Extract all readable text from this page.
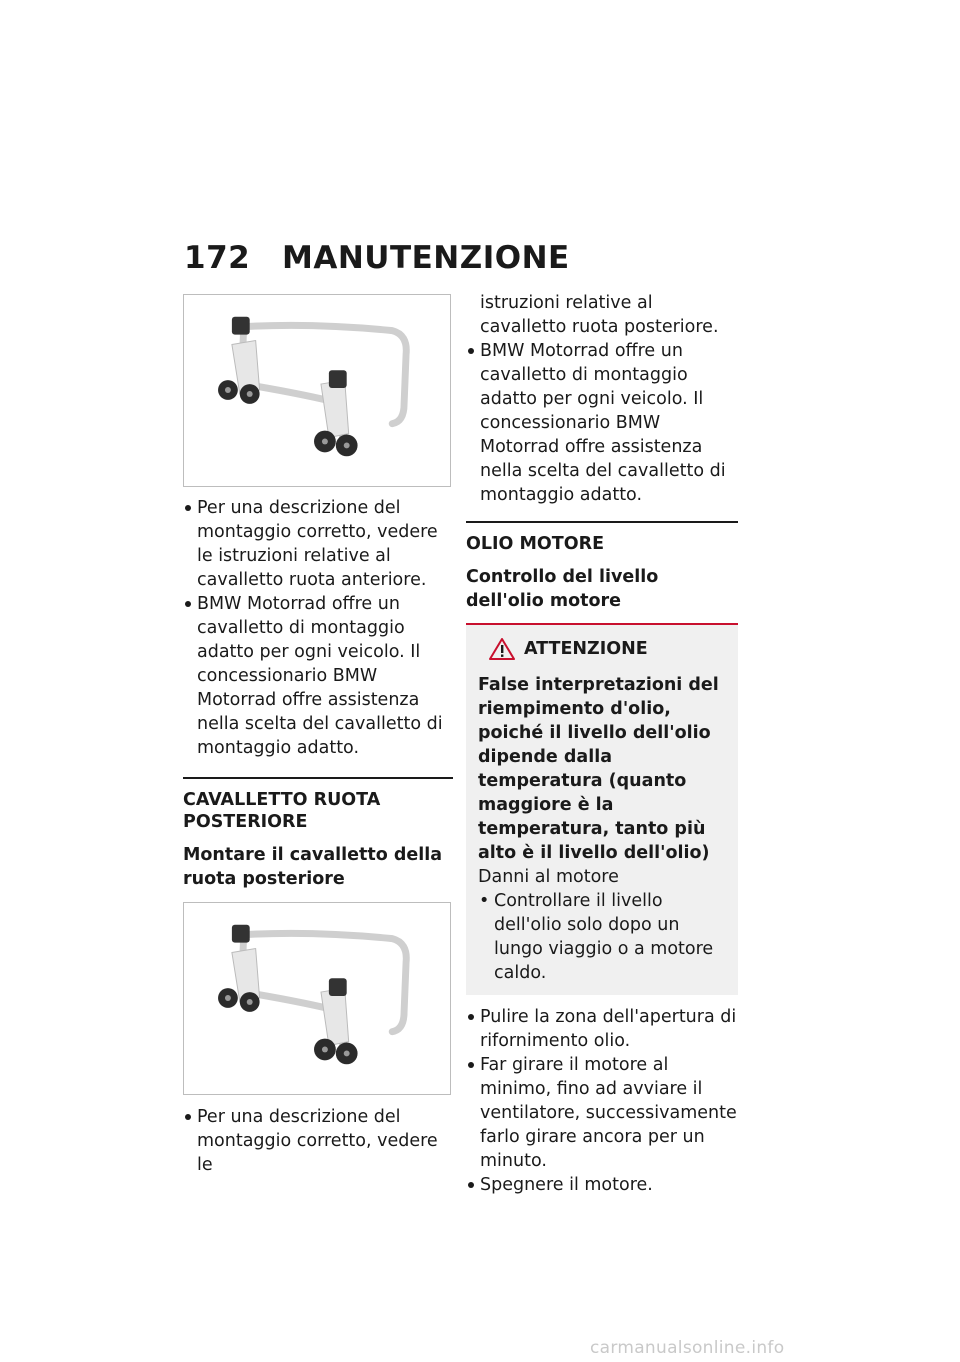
172 MANUTENZIONE

Per una descrizione del montaggio corretto, vedere le istruzioni relative al cavalletto ruota anteriore.

BMW Motorrad offre un cavalletto di montaggio adatto per ogni veicolo. Il concessionario BMW Motorrad offre assistenza nella scelta del cavalletto di montaggio adatto.

CAVALLETTO RUOTA POSTERIORE

Montare il cavalletto della ruota posteriore

Per una descrizione del montaggio corretto, vedere le

istruzioni relative al cavalletto ruota posteriore.

BMW Motorrad offre un cavalletto di montaggio adatto per ogni veicolo. Il concessionario BMW Motorrad offre assistenza nella scelta del cavalletto di montaggio adatto.

OLIO MOTORE

Controllo del livello dell'olio motore

ATTENZIONE

False interpretazioni del riempimento d'olio, poiché il livello dell'olio dipende dalla temperatura (quanto maggiore è la temperatura, tanto più alto è il livello dell'olio)

Danni al motore

• Controllare il livello dell'olio solo dopo un lungo viaggio o a motore caldo.

Pulire la zona dell'apertura di rifornimento olio.

Far girare il motore al minimo, fino ad avviare il ventilatore, successivamente farlo girare ancora per un minuto.

Spegnere il motore.

carmanualsonline.info
